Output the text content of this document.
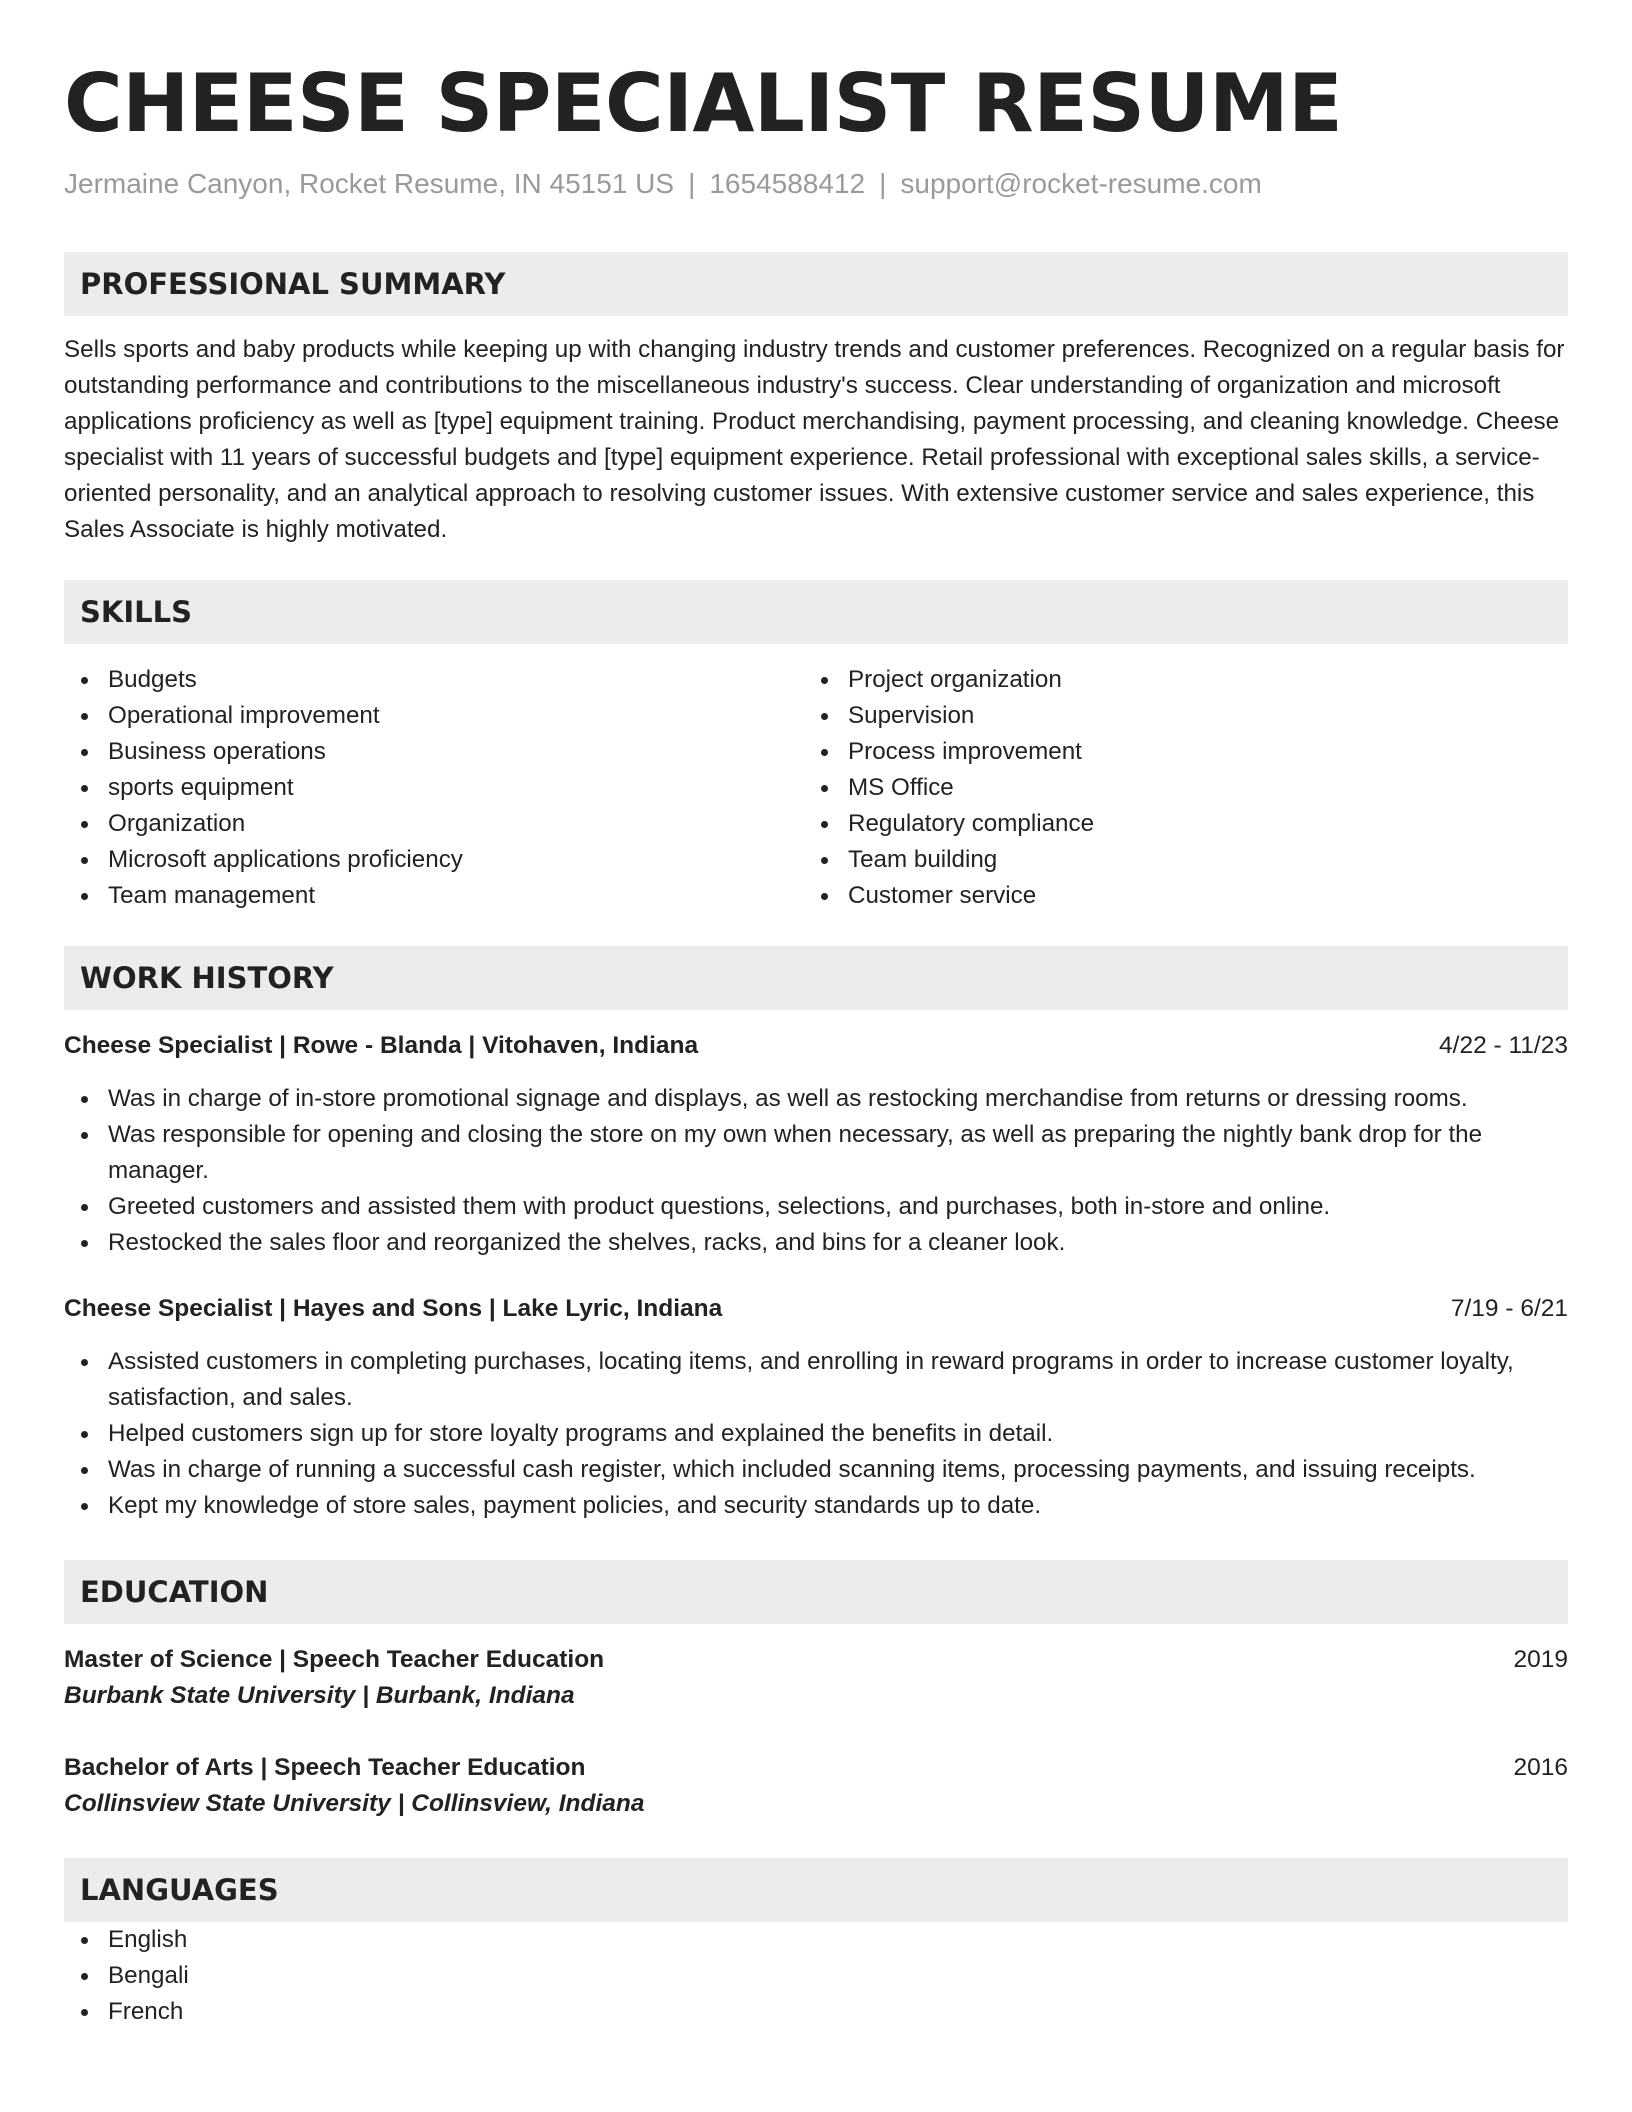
CHEESE SPECIALIST RESUME
Jermaine Canyon, Rocket Resume, IN 45151 US | 1654588412 | support@rocket-resume.com
PROFESSIONAL SUMMARY

Sells sports and baby products while keeping up with changing industry trends and customer preferences. Recognized on a regular basis for outstanding performance and contributions to the miscellaneous industry's success. Clear understanding of organization and microsoft applications proficiency as well as [type] equipment training. Product merchandising, payment processing, and cleaning knowledge. Cheese specialist with 11 years of successful budgets and [type] equipment experience. Retail professional with exceptional sales skills, a service-oriented personality, and an analytical approach to resolving customer issues. With extensive customer service and sales experience, this Sales Associate is highly motivated.

SKILLS
Budgets
Operational improvement
Business operations
sports equipment
Organization
Microsoft applications proficiency
Team management
Project organization
Supervision
Process improvement
MS Office
Regulatory compliance
Team building
Customer service
WORK HISTORY
Cheese Specialist | Rowe - Blanda | Vitohaven, Indiana	4/22 - 11/23
Was in charge of in-store promotional signage and displays, as well as restocking merchandise from returns or dressing rooms.
Was responsible for opening and closing the store on my own when necessary, as well as preparing the nightly bank drop for the manager.
Greeted customers and assisted them with product questions, selections, and purchases, both in-store and online.
Restocked the sales floor and reorganized the shelves, racks, and bins for a cleaner look.
Cheese Specialist | Hayes and Sons | Lake Lyric, Indiana	7/19 - 6/21
Assisted customers in completing purchases, locating items, and enrolling in reward programs in order to increase customer loyalty, satisfaction, and sales.
Helped customers sign up for store loyalty programs and explained the benefits in detail.
Was in charge of running a successful cash register, which included scanning items, processing payments, and issuing receipts.
Kept my knowledge of store sales, payment policies, and security standards up to date.
EDUCATION
Master of Science | Speech Teacher Education	2019
Burbank State University | Burbank, Indiana
Bachelor of Arts | Speech Teacher Education	2016
Collinsview State University | Collinsview, Indiana
LANGUAGES
English
Bengali
French
